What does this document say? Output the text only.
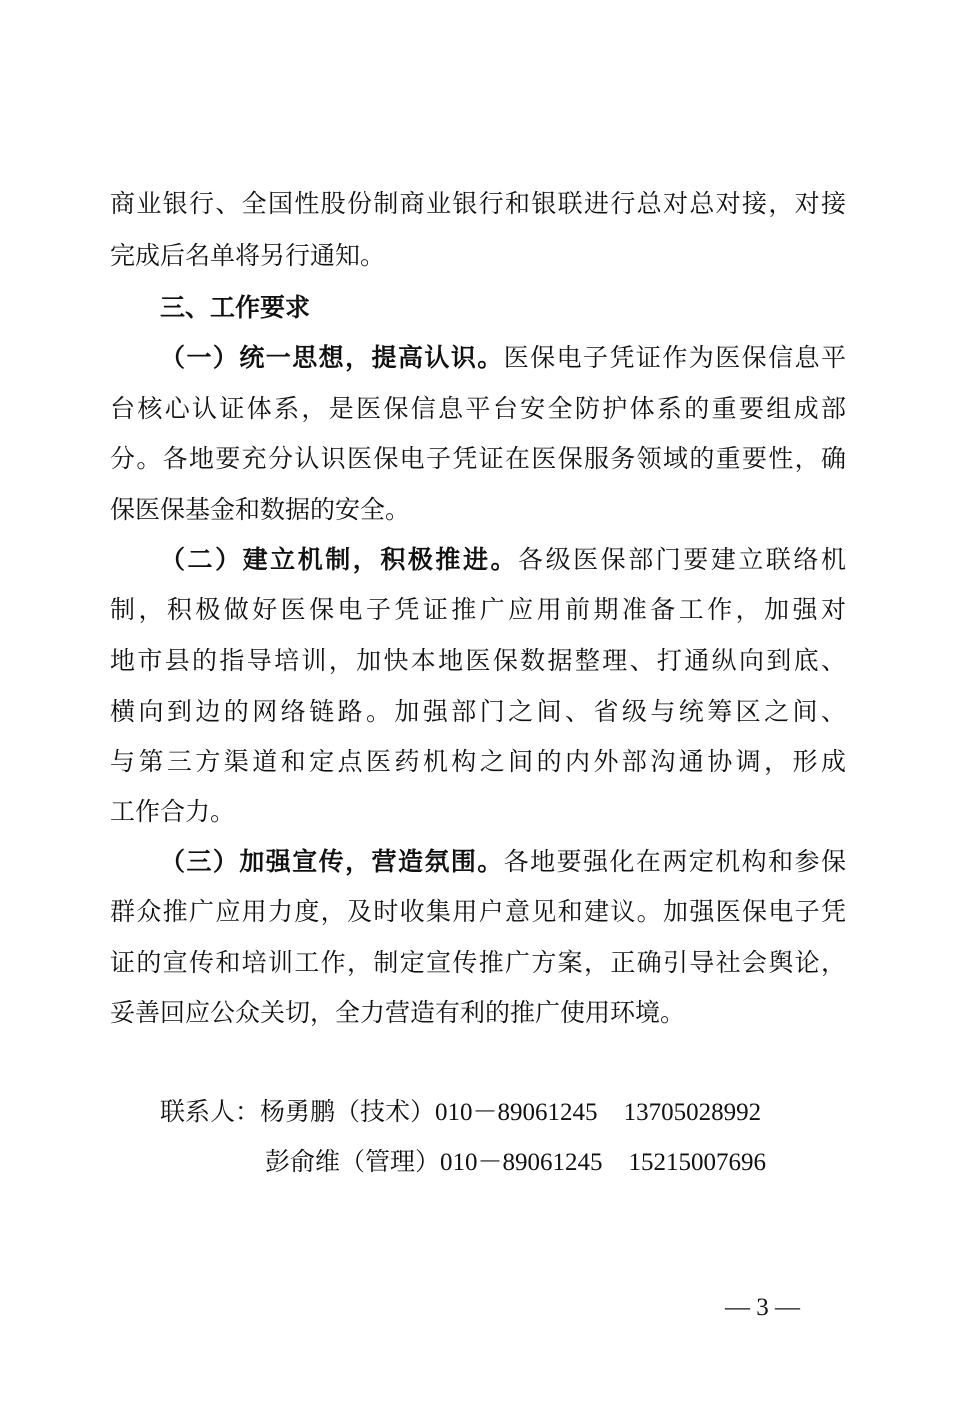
商业银行、全国性股份制商业银行和银联进行总对总对接，对接
完成后名单将另行通知。
三、工作要求
（一）统一思想，提高认识。医保电子凭证作为医保信息平
台核心认证体系，是医保信息平台安全防护体系的重要组成部
分。各地要充分认识医保电子凭证在医保服务领域的重要性，确
保医保基金和数据的安全。
（二）建立机制，积极推进。各级医保部门要建立联络机
制，积极做好医保电子凭证推广应用前期准备工作，加强对
地市县的指导培训，加快本地医保数据整理、打通纵向到底、
横向到边的网络链路。加强部门之间、省级与统筹区之间、
与第三方渠道和定点医药机构之间的内外部沟通协调，形成
工作合力。
（三）加强宣传，营造氛围。各地要强化在两定机构和参保
群众推广应用力度，及时收集用户意见和建议。加强医保电子凭
证的宣传和培训工作，制定宣传推广方案，正确引导社会舆论，
妥善回应公众关切，全力营造有利的推广使用环境。
联系人：杨勇鹏（技术）010－89061245 13705028992
彭俞维（管理）010－89061245 15215007696
— 3 —
